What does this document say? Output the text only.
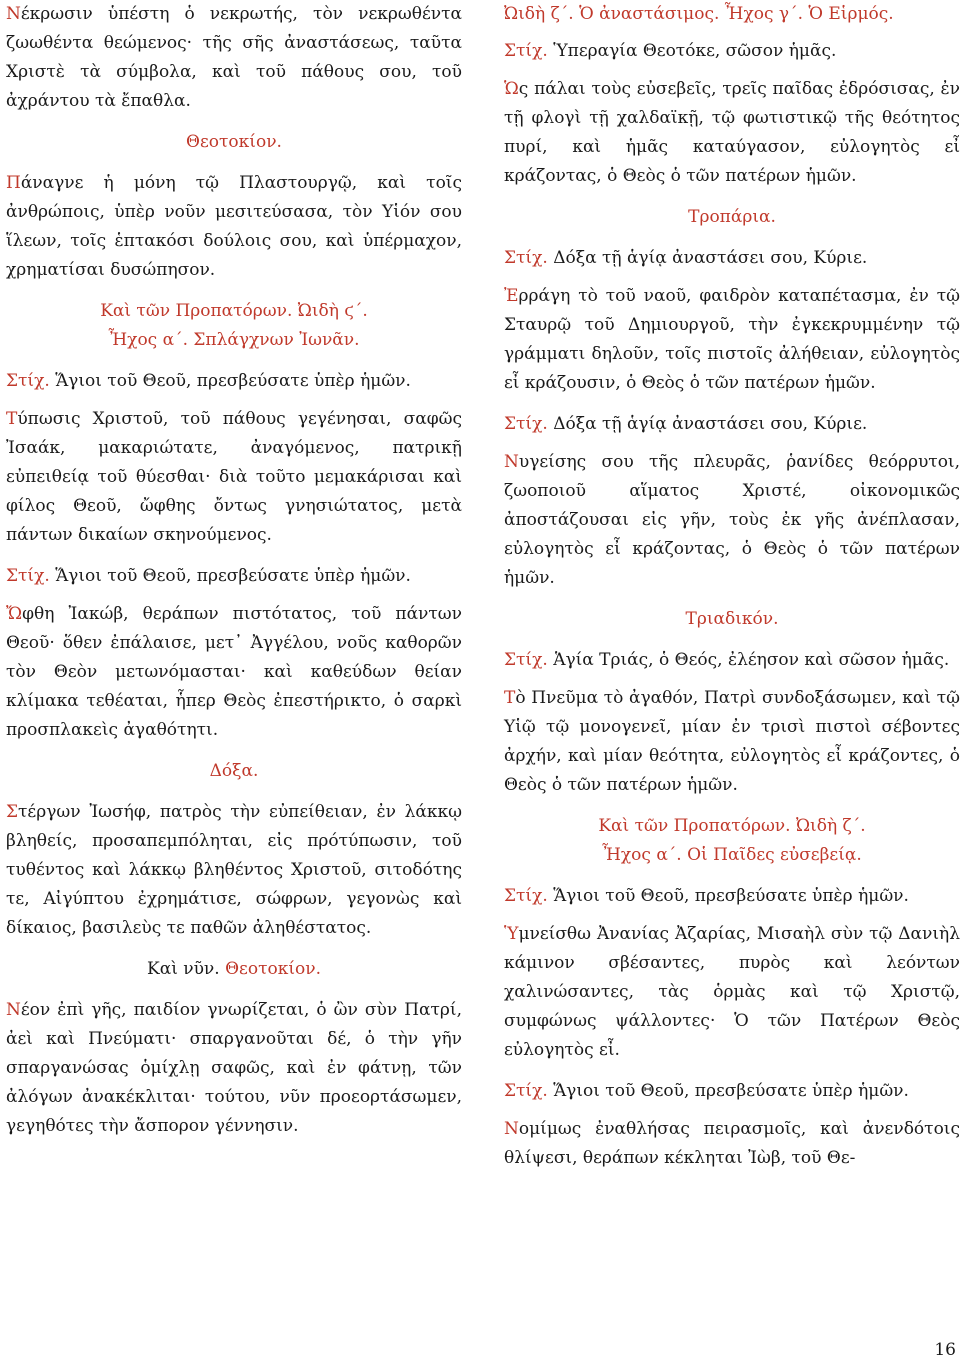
Νέκρωσιν ὑπέστη ὁ νεκρωτής, τὸν νεκρωθέντα ζωωθέντα θεώμενος· τῆς σῆς ἀναστάσεως, ταῦτα Χριστὲ τὰ σύμβολα, καὶ τοῦ πάθους σου, τοῦ ἀχράντου τὰ ἔπαθλα.

Θεοτοκίον.

Πάναγνε ἡ μόνη τῷ Πλαστουργῷ, καὶ τοῖς ἀνθρώποις, ὑπὲρ νοῦν μεσιτεύσασα, τὸν Υἱόν σου ἵλεων, τοῖς ἑπτακόσι δούλοις σου, καὶ ὑπέρμαχον, χρηματίσαι δυσώπησον.

Καὶ τῶν Προπατόρων. Ὠιδὴ ϛ΄.
Ἦχος α΄. Σπλάγχνων Ἰωνᾶν.

Στίχ. Ἅγιοι τοῦ Θεοῦ, πρεσβεύσατε ὑπὲρ ἡμῶν.

Τύπωσις Χριστοῦ, τοῦ πάθους γεγένησαι, σαφῶς Ἰσαάκ, μακαριώτατε, ἀναγόμενος, πατρικῇ εὐπειθείᾳ τοῦ θύεσθαι· διὰ τοῦτο μεμακάρισαι καὶ φίλος Θεοῦ, ὤφθης ὄντως γνησιώτατος, μετὰ πάντων δικαίων σκηνούμενος.

Στίχ. Ἅγιοι τοῦ Θεοῦ, πρεσβεύσατε ὑπὲρ ἡμῶν.

Ὤφθη Ἰακώβ, θεράπων πιστότατος, τοῦ πάντων Θεοῦ· ὅθεν ἐπάλαισε, μετ᾽ Ἀγγέλου, νοῦς καθορῶν τὸν Θεὸν μετωνόμασται· καὶ καθεύδων θείαν κλίμακα τεθέαται, ἧπερ Θεὸς ἐπεστήρικτο, ὁ σαρκὶ προσπλακεὶς ἀγαθότητι.

Δόξα.

Στέργων Ἰωσήφ, πατρὸς τὴν εὐπείθειαν, ἐν λάκκῳ βληθείς, προσαπεμπόληται, εἰς πρότύπωσιν, τοῦ τυθέντος καὶ λάκκῳ βληθέντος Χριστοῦ, σιτοδότης τε, Αἰγύπτου ἐχρημάτισε, σώφρων, γεγονὼς καὶ δίκαιος, βασιλεὺς τε παθῶν ἀληθέστατος.

Καὶ νῦν. Θεοτοκίον.

Νέον ἐπὶ γῆς, παιδίον γνωρίζεται, ὁ ὢν σὺν Πατρί, ἀεὶ καὶ Πνεύματι· σπαργανοῦται δέ, ὁ τὴν γῆν σπαργανώσας ὁμίχλῃ σαφῶς, καὶ ἐν φάτνῃ, τῶν ἀλόγων ἀνακέκλιται· τούτου, νῦν προεορτάσωμεν, γεγηθότες τὴν ἄσπορον γέννησιν.

Ὠιδὴ ζ΄. Ὁ ἀναστάσιμος. Ἦχος γ΄. Ὁ Εἱρμός.

Στίχ. Ὑπεραγία Θεοτόκε, σῶσον ἡμᾶς.

Ὡς πάλαι τοὺς εὐσεβεῖς, τρεῖς παῖδας ἐδρόσισας, ἐν τῇ φλογὶ τῇ χαλδαϊκῇ, τῷ φωτιστικῷ τῆς θεότητος πυρί, καὶ ἡμᾶς καταύγασον, εὐλογητὸς εἶ κράζοντας, ὁ Θεὸς ὁ τῶν πατέρων ἡμῶν.

Τροπάρια.

Στίχ. Δόξα τῇ ἁγίᾳ ἀναστάσει σου, Κύριε.

Ἐρράγη τὸ τοῦ ναοῦ, φαιδρὸν καταπέτασμα, ἐν τῷ Σταυρῷ τοῦ Δημιουργοῦ, τὴν ἐγκεκρυμμένην τῷ γράμματι δηλοῦν, τοῖς πιστοῖς ἀλήθειαν, εὐλογητὸς εἶ κράζουσιν, ὁ Θεὸς ὁ τῶν πατέρων ἡμῶν.

Στίχ. Δόξα τῇ ἁγίᾳ ἀναστάσει σου, Κύριε.

Νυγείσης σου τῆς πλευρᾶς, ῥανίδες θεόρρυτοι, ζωοποιοῦ αἵματος Χριστέ, οἰκονομικῶς ἀποστάζουσαι εἰς γῆν, τοὺς ἐκ γῆς ἀνέπλασαν, εὐλογητὸς εἶ κράζοντας, ὁ Θεὸς ὁ τῶν πατέρων ἡμῶν.

Τριαδικόν.

Στίχ. Ἁγία Τριάς, ὁ Θεός, ἐλέησον καὶ σῶσον ἡμᾶς.

Τὸ Πνεῦμα τὸ ἀγαθόν, Πατρὶ συνδοξάσωμεν, καὶ τῷ Υἱῷ τῷ μονογενεῖ, μίαν ἐν τρισὶ πιστοὶ σέβοντες ἀρχήν, καὶ μίαν θεότητα, εὐλογητὸς εἶ κράζοντες, ὁ Θεὸς ὁ τῶν πατέρων ἡμῶν.

Καὶ τῶν Προπατόρων. Ὠιδὴ ζ΄.
Ἦχος α΄. Οἱ Παῖδες εὐσεβείᾳ.

Στίχ. Ἅγιοι τοῦ Θεοῦ, πρεσβεύσατε ὑπὲρ ἡμῶν.

Ὑμνείσθω Ἀνανίας Ἀζαρίας, Μισαὴλ σὺν τῷ Δανιὴλ κάμινον σβέσαντες, πυρὸς καὶ λεόντων χαλινώσαντες, τὰς ὁρμὰς καὶ τῷ Χριστῷ, συμφώνως ψάλλοντες· Ὁ τῶν Πατέρων Θεὸς εὐλογητὸς εἶ.

Στίχ. Ἅγιοι τοῦ Θεοῦ, πρεσβεύσατε ὑπὲρ ἡμῶν.

Νομίμως ἐναθλήσας πειρασμοῖς, καὶ ἀνενδότοις θλίψεσι, θεράπων κέκληται Ἰὼβ, τοῦ Θε-

16
